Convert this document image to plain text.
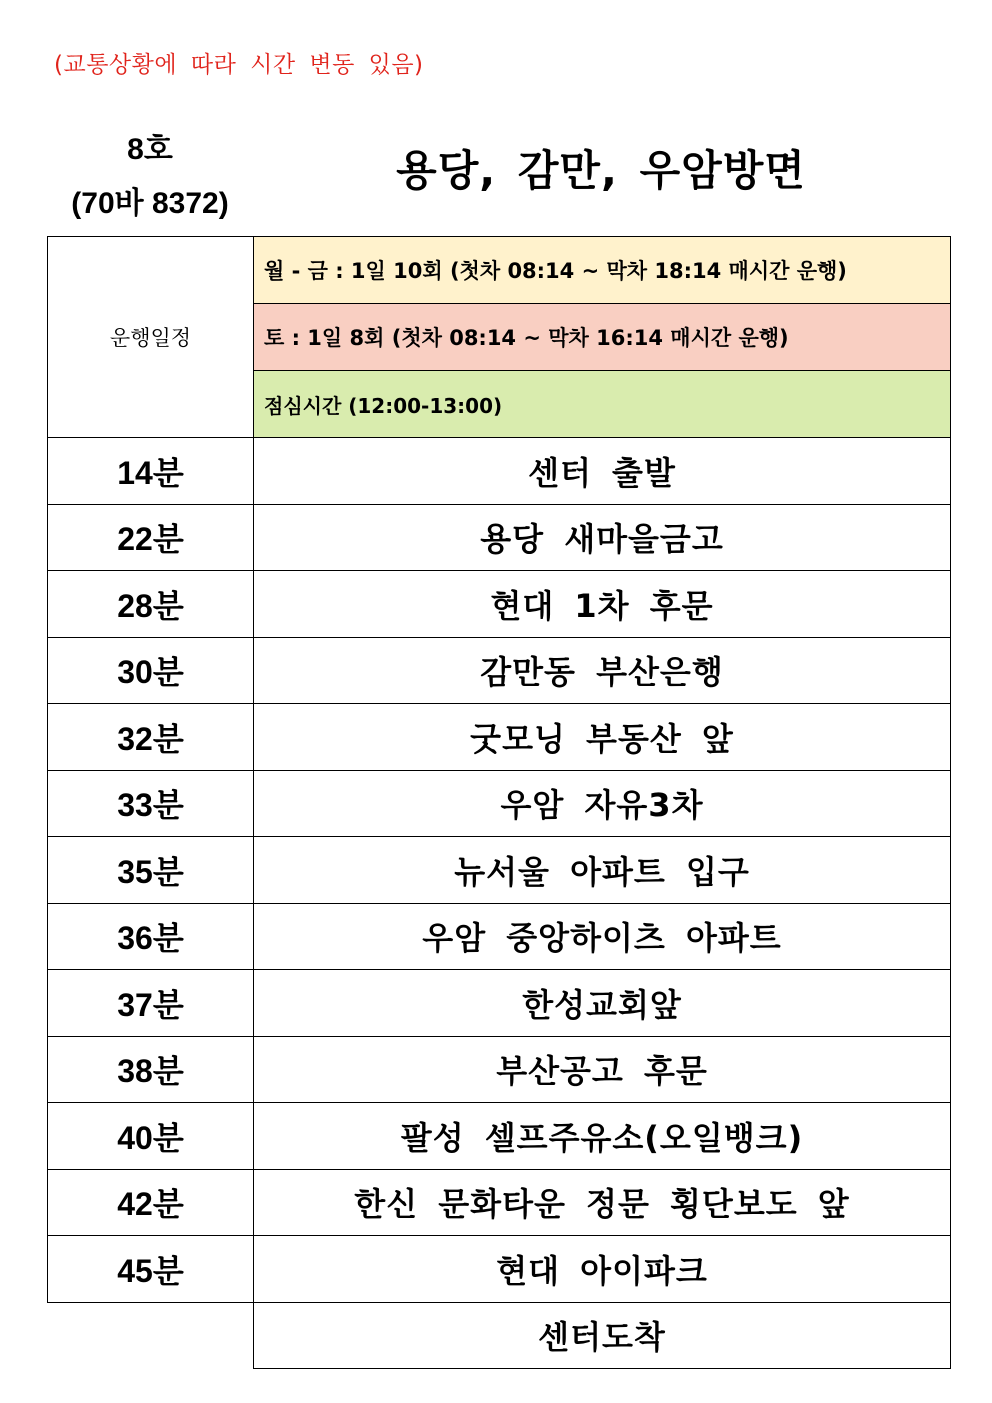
(교통상황에 따라 시간 변동 있음)
8호
(70바 8372)
용당, 감만, 우암방면
운행일정	월 - 금 : 1일 10회 (첫차 08:14 ~ 막차 18:14 매시간 운행)
	토 : 1일 8회 (첫차 08:14 ~ 막차 16:14 매시간 운행)
	점심시간 (12:00-13:00)
14분	센터 출발
22분	용당 새마을금고
28분	현대 1차 후문
30분	감만동 부산은행
32분	굿모닝 부동산 앞
33분	우암 자유3차
35분	뉴서울 아파트 입구
36분	우암 중앙하이츠 아파트
37분	한성교회앞
38분	부산공고 후문
40분	팔성 셀프주유소(오일뱅크)
42분	한신 문화타운 정문 횡단보도 앞
45분	현대 아이파크
	센터도착
